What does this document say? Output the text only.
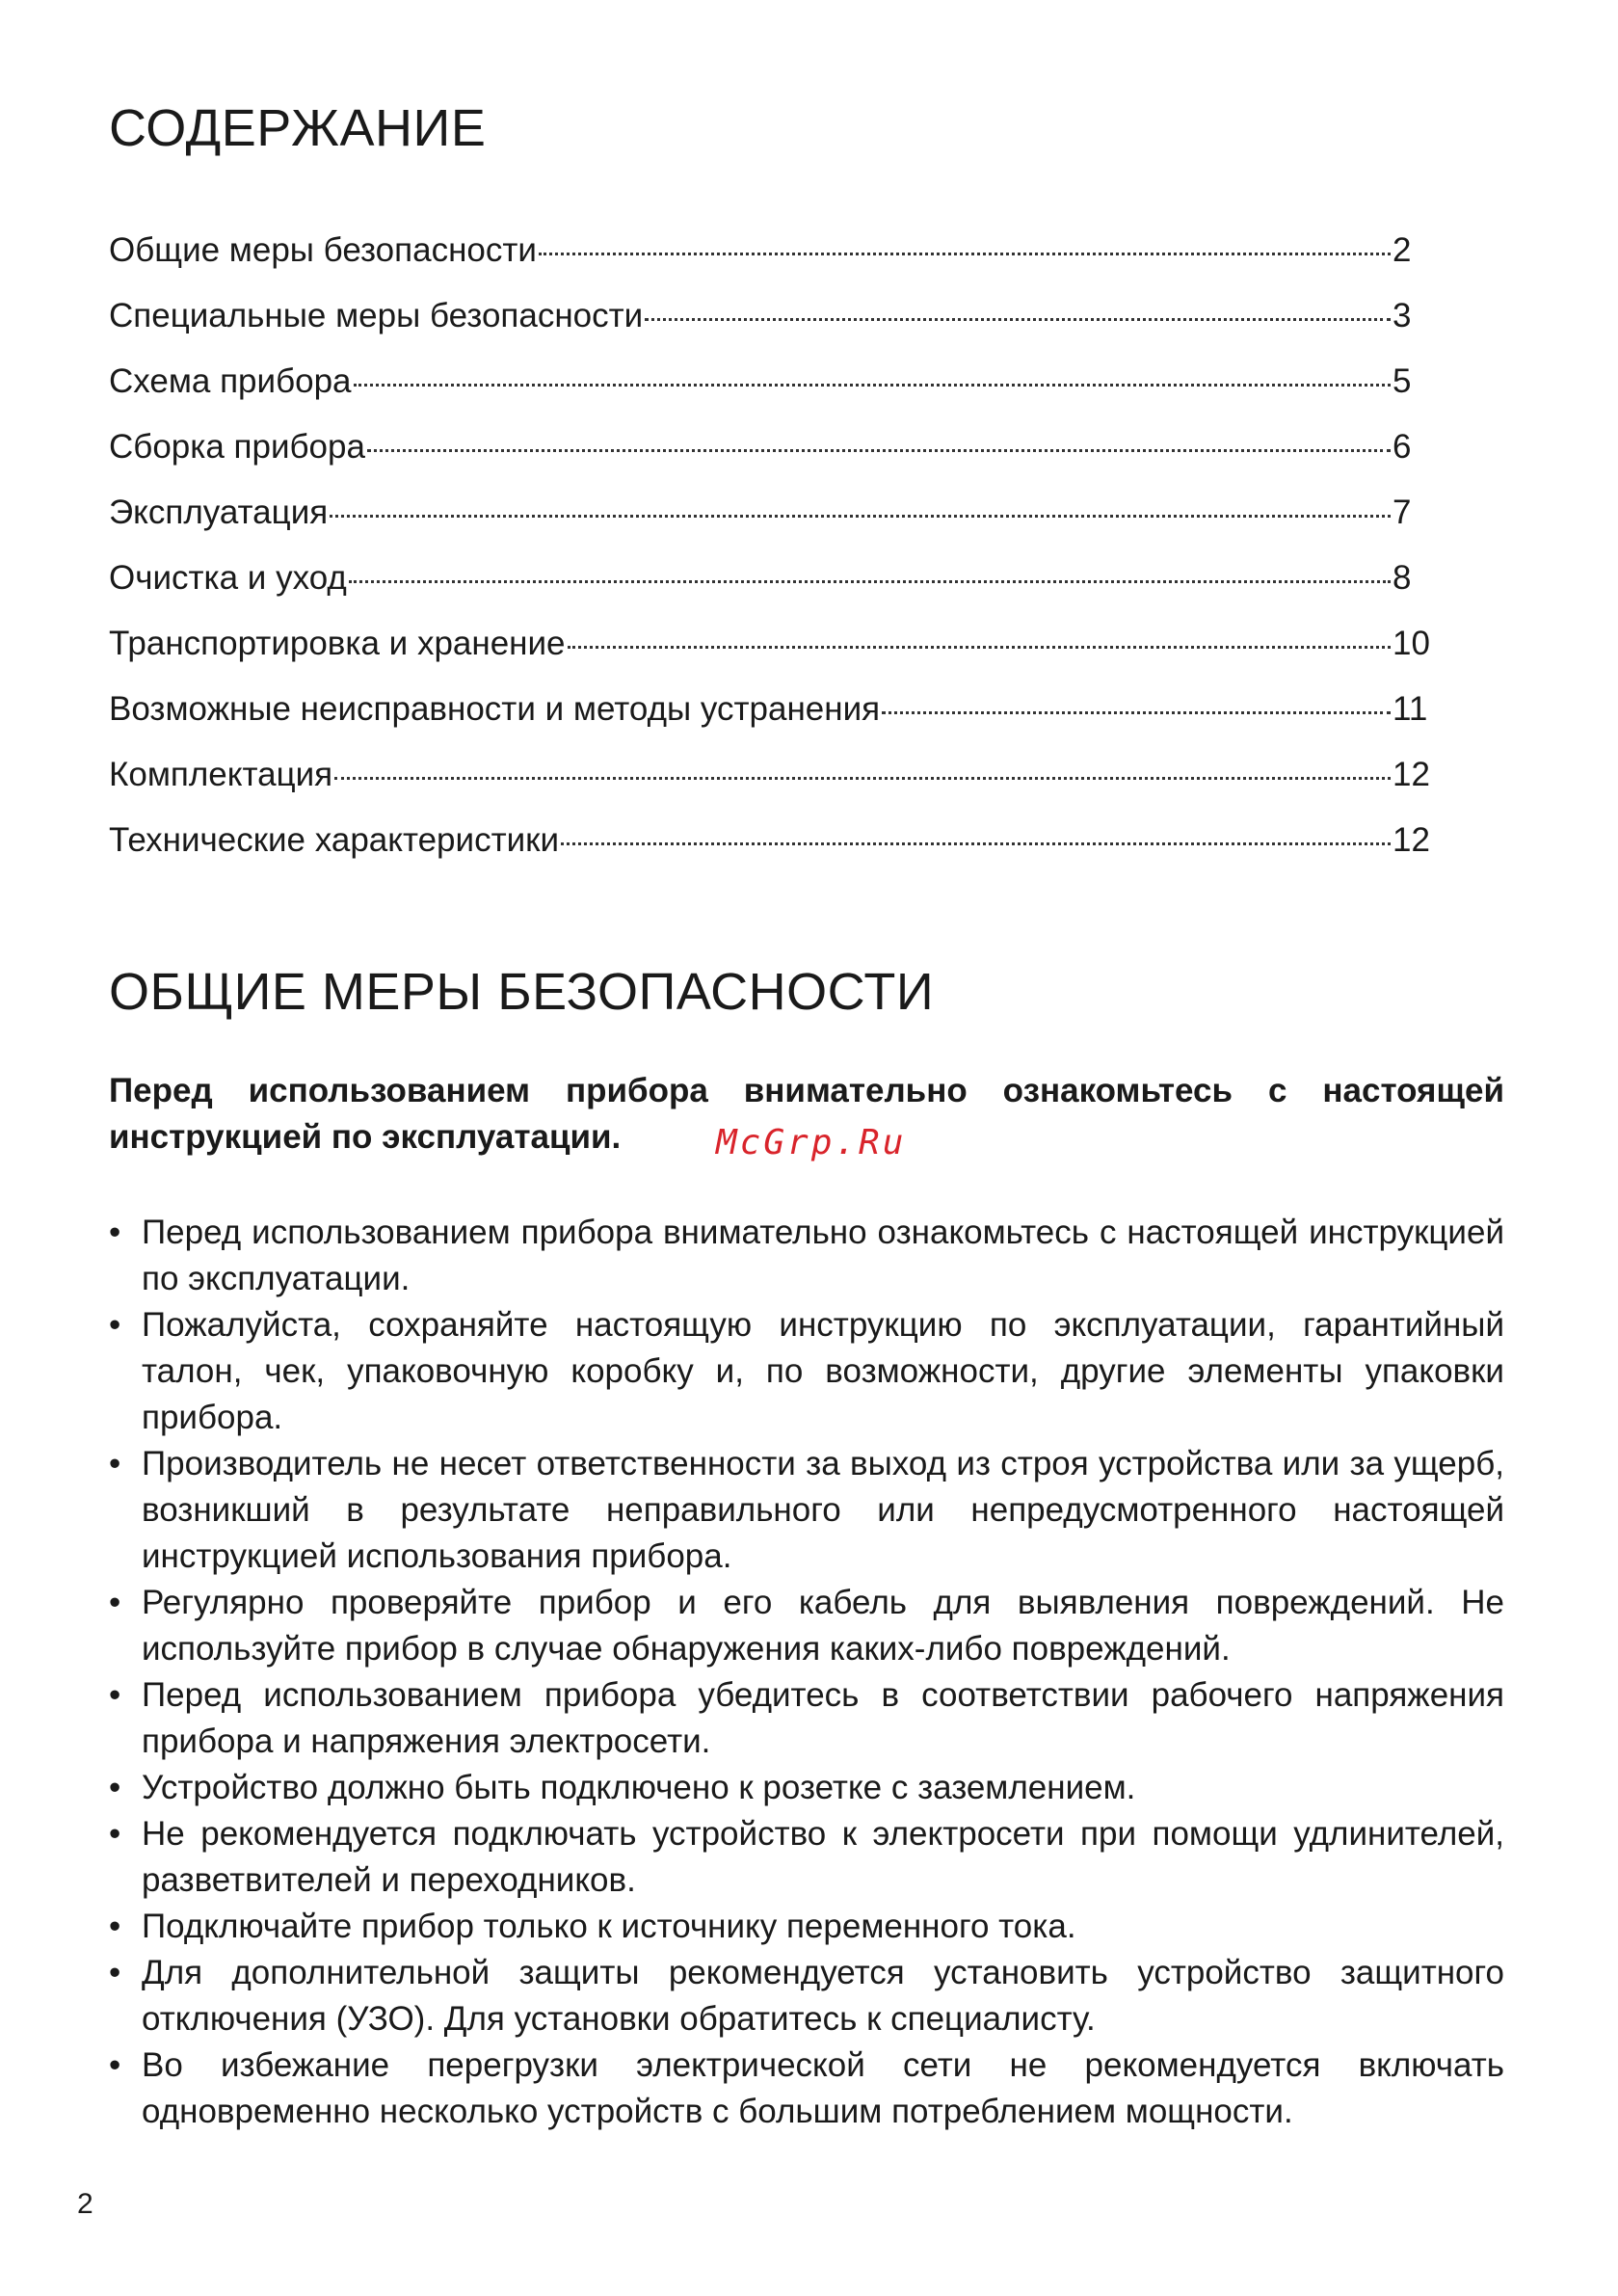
СОДЕРЖАНИЕ
Общие меры безопасности	2
Специальные меры безопасности	3
Схема прибора	5
Сборка прибора	6
Эксплуатация	7
Очистка и уход	8
Транспортировка и хранение	10
Возможные неисправности и методы устранения	11
Комплектация	12
Технические характеристики	12
ОБЩИЕ МЕРЫ БЕЗОПАСНОСТИ

Перед использованием прибора внимательно ознакомьтесь с настоящей инструкцией по эксплуатации.	McGrp.Ru
• Перед использованием прибора внимательно ознакомьтесь с настоящей инструкцией по эксплуатации.
• Пожалуйста, сохраняйте настоящую инструкцию по эксплуатации, гарантийный талон, чек, упаковочную коробку и, по возможности, другие элементы упаковки прибора.
• Производитель не несет ответственности за выход из строя устройства или за ущерб, возникший в результате неправильного или непредусмотренного настоящей инструкцией использования прибора.
• Регулярно проверяйте прибор и его кабель для выявления повреждений. Не используйте прибор в случае обнаружения каких-либо повреждений.
• Перед использованием прибора убедитесь в соответствии рабочего напряжения прибора и напряжения электросети.
• Устройство должно быть подключено к розетке с заземлением.
• Не рекомендуется подключать устройство к электросети при помощи удлинителей, разветвителей и переходников.
• Подключайте прибор только к источнику переменного тока.
• Для дополнительной защиты рекомендуется установить устройство защитного отключения (УЗО). Для установки обратитесь к специалисту.
• Во избежание перегрузки электрической сети не рекомендуется включать одновременно несколько устройств с большим потреблением мощности.
2
